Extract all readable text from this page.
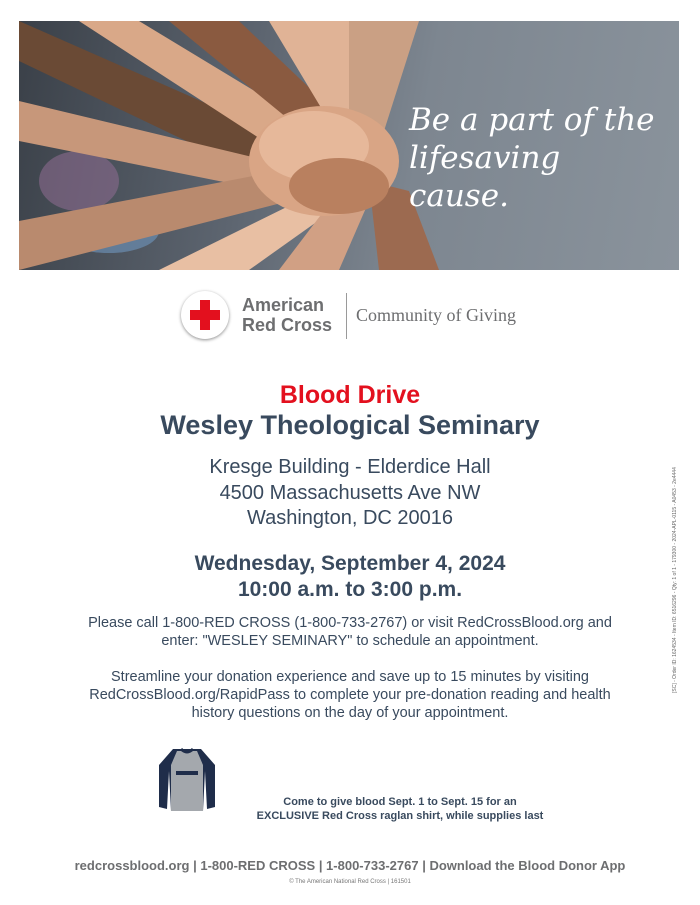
Be a part of the
lifesaving cause.
American
Red Cross Community of Giving
Blood Drive
Wesley Theological Seminary
Kresge Building - Elderdice Hall
4500 Massachusetts Ave NW
Washington, DC 20016
Wednesday, September 4, 2024
10:00 a.m. to 3:00 p.m.
Please call 1-800-RED CROSS (1-800-733-2767) or visit RedCrossBlood.org and
enter: "WESLEY SEMINARY" to schedule an appointment.
Streamline your donation experience and save up to 15 minutes by visiting
RedCrossBlood.org/RapidPass to complete your pre-donation reading and health
history questions on the day of your appointment.
Come to give blood Sept. 1 to Sept. 15 for an
EXCLUSIVE Red Cross raglan shirt, while supplies last
[SC] - Order ID: 1624534 - Item ID: 6516296 - Qty: 1 of 1 - 179300 - 2024-APL-0115 - A0453 - 2e4444
redcrossblood.org | 1-800-RED CROSS | 1-800-733-2767 | Download the Blood Donor App
© The American National Red Cross | 161501
